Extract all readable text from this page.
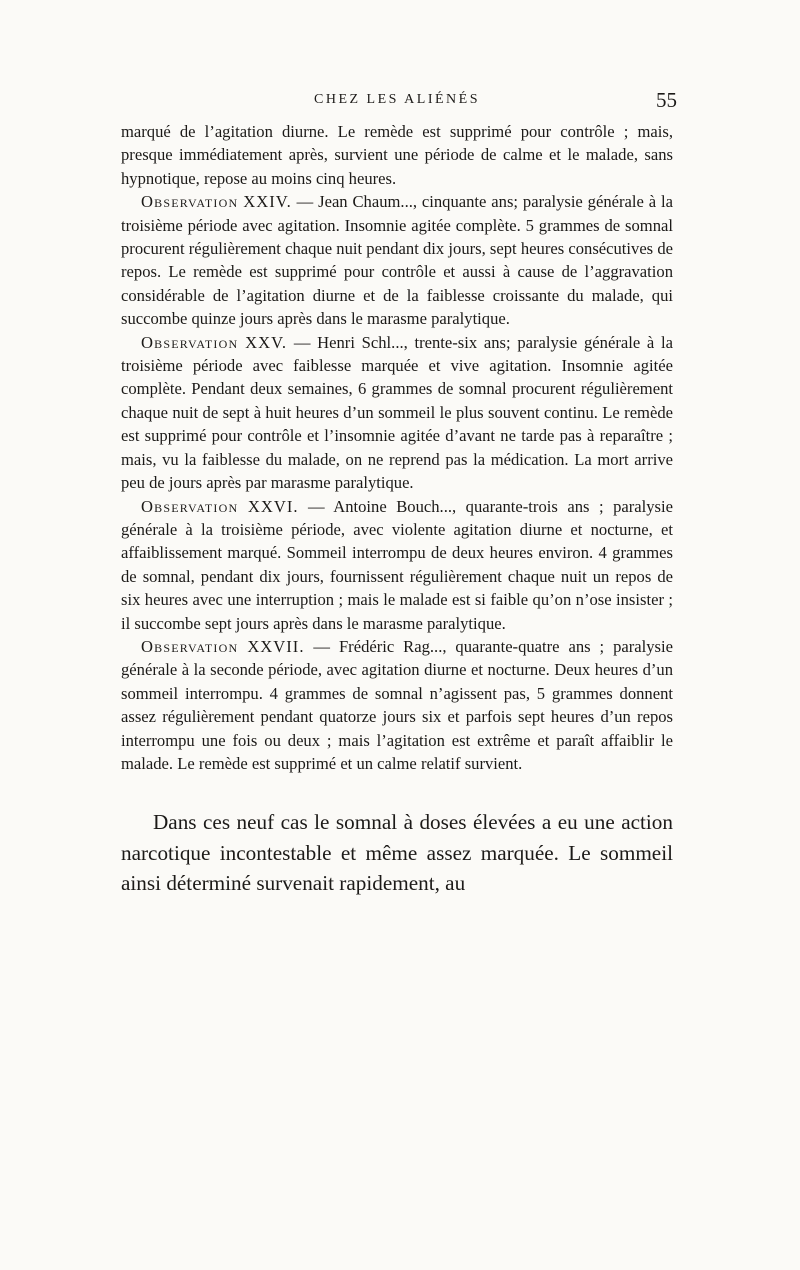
CHEZ LES ALIÉNÉS	55

marqué de l’agitation diurne. Le remède est supprimé pour contrôle ; mais, presque immédiatement après, survient une période de calme et le malade, sans hypnotique, repose au moins cinq heures.

Observation XXIV. — Jean Chaum..., cinquante ans; paralysie générale à la troisième période avec agitation. Insomnie agitée complète. 5 grammes de somnal procurent régulièrement chaque nuit pendant dix jours, sept heures consécutives de repos. Le remède est supprimé pour contrôle et aussi à cause de l’aggravation considérable de l’agitation diurne et de la faiblesse croissante du malade, qui succombe quinze jours après dans le marasme paralytique.

Observation XXV. — Henri Schl..., trente-six ans; paralysie générale à la troisième période avec faiblesse marquée et vive agitation. Insomnie agitée complète. Pendant deux semaines, 6 grammes de somnal procurent régulièrement chaque nuit de sept à huit heures d’un sommeil le plus souvent continu. Le remède est supprimé pour contrôle et l’insomnie agitée d’avant ne tarde pas à reparaître ; mais, vu la faiblesse du malade, on ne reprend pas la médication. La mort arrive peu de jours après par marasme paralytique.

Observation XXVI. — Antoine Bouch..., quarante-trois ans ; paralysie générale à la troisième période, avec violente agitation diurne et nocturne, et affaiblissement marqué. Sommeil interrompu de deux heures environ. 4 grammes de somnal, pendant dix jours, fournissent régulièrement chaque nuit un repos de six heures avec une interruption ; mais le malade est si faible qu’on n’ose insister ; il succombe sept jours après dans le marasme paralytique.

Observation XXVII. — Frédéric Rag..., quarante-quatre ans ; paralysie générale à la seconde période, avec agitation diurne et nocturne. Deux heures d’un sommeil interrompu. 4 grammes de somnal n’agissent pas, 5 grammes donnent assez régulièrement pendant quatorze jours six et parfois sept heures d’un repos interrompu une fois ou deux ; mais l’agitation est extrême et paraît affaiblir le malade. Le remède est supprimé et un calme relatif survient.

Dans ces neuf cas le somnal à doses élevées a eu une action narcotique incontestable et même assez marquée. Le sommeil ainsi déterminé survenait rapidement, au
